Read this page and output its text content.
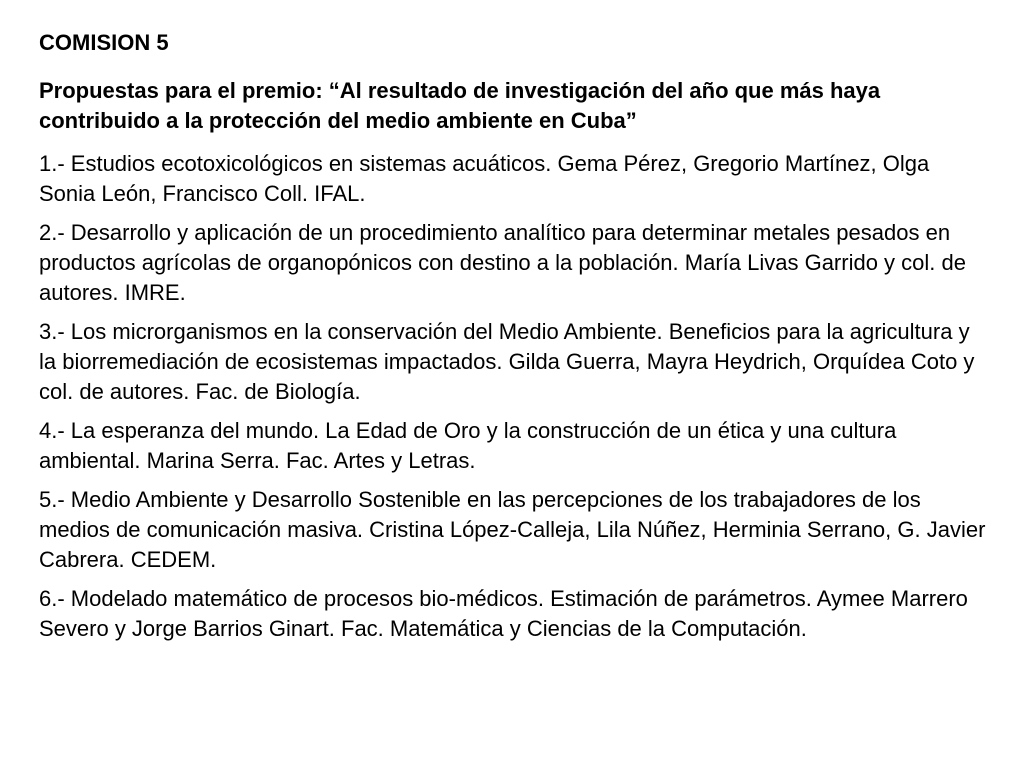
COMISION 5
Propuestas para el premio: “Al resultado de investigación del año que más haya contribuido a la protección del medio ambiente en Cuba”
1.- Estudios ecotoxicológicos en sistemas acuáticos. Gema Pérez, Gregorio Martínez, Olga Sonia León, Francisco Coll. IFAL.
2.- Desarrollo y aplicación de un procedimiento analítico para determinar metales pesados en productos agrícolas de organopónicos con destino a la población. María Livas Garrido y col. de autores. IMRE.
3.- Los microrganismos en la conservación del Medio Ambiente. Beneficios para la agricultura y la biorremediación de ecosistemas impactados. Gilda Guerra, Mayra Heydrich, Orquídea Coto y col. de autores. Fac. de Biología.
4.- La esperanza del mundo. La Edad de Oro y la construcción de un ética y una cultura ambiental. Marina Serra. Fac. Artes y Letras.
5.- Medio Ambiente y Desarrollo Sostenible en las percepciones de los trabajadores de los medios de comunicación masiva. Cristina López-Calleja, Lila Núñez, Herminia Serrano, G. Javier Cabrera. CEDEM.
6.- Modelado matemático de procesos bio-médicos. Estimación de parámetros. Aymee Marrero Severo y Jorge Barrios Ginart. Fac. Matemática y Ciencias de la Computación.
